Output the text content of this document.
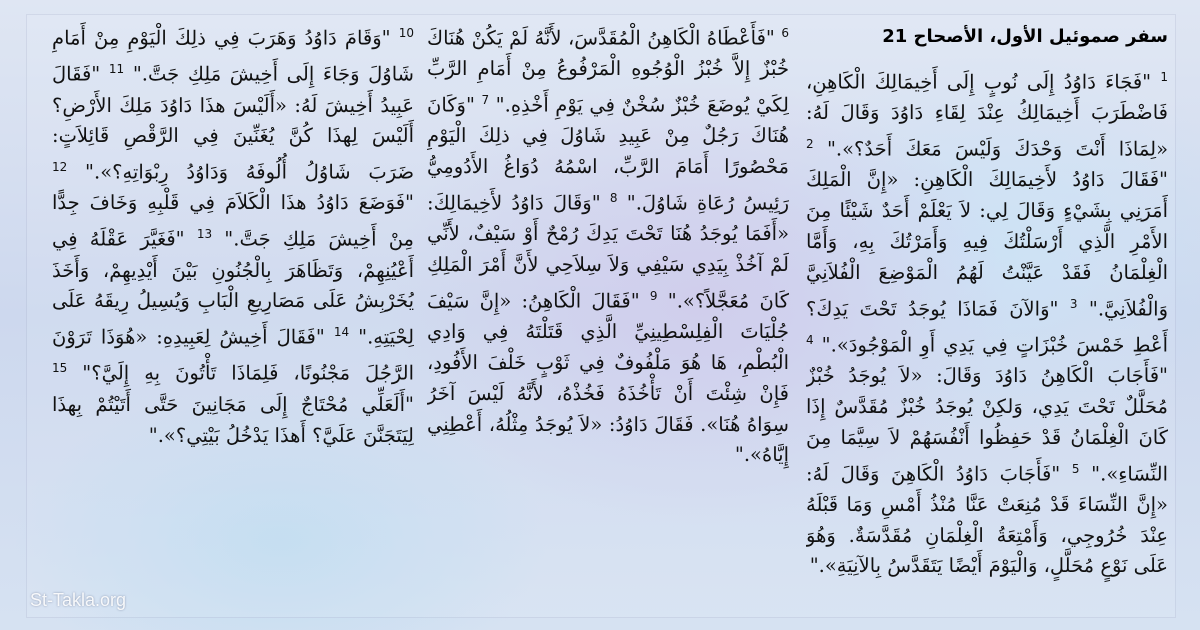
سفر صموئيل الأول، الأصحاح 21
$^1$ "فَجَاءَ دَاوُدُ إِلَى نُوبٍ إِلَى أَخِيمَالِكَ الْكَاهِنِ، فَاضْطَرَبَ أَخِيمَالِكُ عِنْدَ لِقَاءِ دَاوُدَ وَقَالَ لَهُ: «لِمَاذَا أَنْتَ وَحْدَكَ وَلَيْسَ مَعَكَ أَحَدٌ؟»." $^2$ "فَقَالَ دَاوُدُ لأَخِيمَالِكَ الْكَاهِنِ: «إِنَّ الْمَلِكَ أَمَرَنِي بِشَيْءٍ وَقَالَ لِي: لاَ يَعْلَمْ أَحَدٌ شَيْئًا مِنَ الأَمْرِ الَّذِي أَرْسَلْتُكَ فِيهِ وَأَمَرْتُكَ بِهِ، وَأَمَّا الْغِلْمَانُ فَقَدْ عَيَّنْتُ لَهُمُ الْمَوْضِعَ الْفُلاَنِيَّ وَالْفُلاَنِيَّ." $^3$ "وَالآنَ فَمَاذَا يُوجَدُ تَحْتَ يَدِكَ؟ أَعْطِ خَمْسَ خُبْزَاتٍ فِي يَدِي أَوِ الْمَوْجُودَ»." $^4$ "فَأَجَابَ الْكَاهِنُ دَاوُدَ وَقَالَ: «لاَ يُوجَدُ خُبْزٌ مُحَلَّلٌ تَحْتَ يَدِي، وَلكِنْ يُوجَدُ خُبْزٌ مُقَدَّسٌ إِذَا كَانَ الْغِلْمَانُ قَدْ حَفِظُوا أَنْفُسَهُمْ لاَ سِيَّمَا مِنَ النِّسَاءِ»." $^5$ "فَأَجَابَ دَاوُدُ الْكَاهِنَ وَقَالَ لَهُ: «إِنَّ النِّسَاءَ قَدْ مُنِعَتْ عَنَّا مُنْذُ أَمْسِ وَمَا قَبْلَهُ عِنْدَ خُرُوجِي، وَأَمْتِعَةُ الْغِلْمَانِ مُقَدَّسَةٌ. وَهُوَ عَلَى نَوْعٍ مُحَلَّلٍ، وَالْيَوْمَ أَيْضًا يَتَقَدَّسُ بِالآنِيَةِ»."
$^6$ "فَأَعْطَاهُ الْكَاهِنُ الْمُقَدَّسَ، لأَنَّهُ لَمْ يَكُنْ هُنَاكَ خُبْزٌ إِلاَّ خُبْزُ الْوُجُوهِ الْمَرْفُوعُ مِنْ أَمَامِ الرَّبِّ لِكَيْ يُوضَعَ خُبْزٌ سُخْنٌ فِي يَوْمِ أَخْذِهِ." $^7$ "وَكَانَ هُنَاكَ رَجُلٌ مِنْ عَبِيدِ شَاوُلَ فِي ذلِكَ الْيَوْمِ مَحْصُورًا أَمَامَ الرَّبِّ، اسْمُهُ دُوَاغُ الأَدُومِيُّ رَئِيسُ رُعَاةِ شَاوُلَ." $^8$ "وَقَالَ دَاوُدُ لأَخِيمَالِكَ: «أَفَمَا يُوجَدُ هُنَا تَحْتَ يَدِكَ رُمْحٌ أَوْ سَيْفٌ، لأَنِّي لَمْ آخُذْ بِيَدِي سَيْفِي وَلاَ سِلاَحِي لأَنَّ أَمْرَ الْمَلِكِ كَانَ مُعَجَّلاً؟»." $^9$ "فَقَالَ الْكَاهِنُ: «إِنَّ سَيْفَ جُلْيَاتَ الْفِلِسْطِينِيِّ الَّذِي قَتَلْتَهُ فِي وَادِي الْبُطْمِ، هَا هُوَ مَلْفُوفٌ فِي ثَوْبٍ خَلْفَ الأَفُودِ، فَإِنْ شِئْتَ أَنْ تَأْخُذَهُ فَخُذْهُ، لأَنَّهُ لَيْسَ آخَرُ سِوَاهُ هُنَا». فَقَالَ دَاوُدُ: «لاَ يُوجَدُ مِثْلُهُ، أَعْطِنِي إِيَّاهُ»."
$^{10}$ "وَقَامَ دَاوُدُ وَهَرَبَ فِي ذلِكَ الْيَوْمِ مِنْ أَمَامِ شَاوُلَ وَجَاءَ إِلَى أَخِيشَ مَلِكِ جَتَّ." $^{11}$ "فَقَالَ عَبِيدُ أَخِيشَ لَهُ: «أَلَيْسَ هذَا دَاوُدَ مَلِكَ الأَرْضِ؟ أَلَيْسَ لِهذَا كُنَّ يُغَنِّينَ فِي الرَّقْصِ قَائِلاَتٍ: ضَرَبَ شَاوُلُ أُلُوفَهُ وَدَاوُدُ رِبْوَاتِهِ؟»." $^{12}$ "فَوَضَعَ دَاوُدُ هذَا الْكَلاَمَ فِي قَلْبِهِ وَخَافَ جِدًّا مِنْ أَخِيشَ مَلِكِ جَتَّ." $^{13}$ "فَغَيَّرَ عَقْلَهُ فِي أَعْيُنِهِمْ، وَتَظَاهَرَ بِالْجُنُونِ بَيْنَ أَيْدِيهِمْ، وَأَخَذَ يُخَرْبِشُ عَلَى مَصَارِيعِ الْبَابِ وَيُسِيلُ رِيقَهُ عَلَى لِحْيَتِهِ." $^{14}$ "فَقَالَ أَخِيشُ لِعَبِيدِهِ: «هُوَذَا تَرَوْنَ الرَّجُلَ مَجْنُونًا، فَلِمَاذَا تَأْتُونَ بِهِ إِلَيَّ؟" $^{15}$ "أَلَعَلِّي مُحْتَاجٌ إِلَى مَجَانِينَ حَتَّى أَتَيْتُمْ بِهذَا لِيَتَجَنَّنَ عَلَيَّ؟ أَهذَا يَدْخُلُ بَيْتِي؟»."
St-Takla.org
